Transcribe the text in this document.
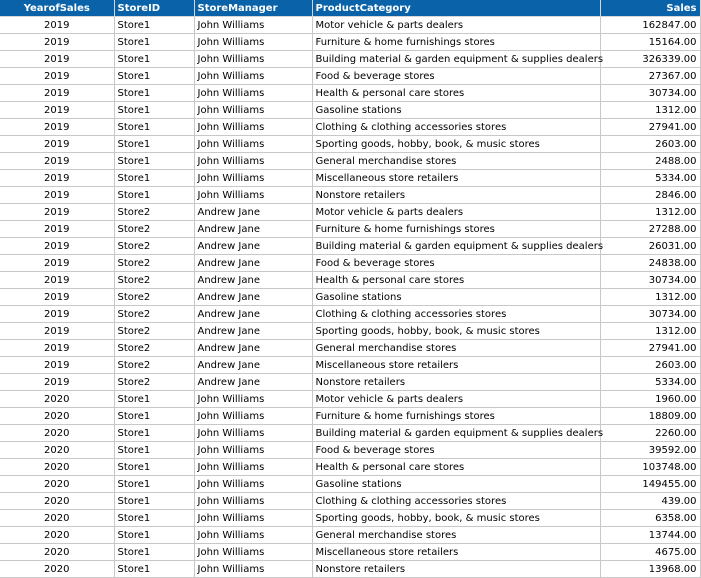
YearofSales	StoreID	StoreManager	ProductCategory	Sales
2019	Store1	John Williams	Motor vehicle & parts dealers	162847.00
2019	Store1	John Williams	Furniture & home furnishings stores	15164.00
2019	Store1	John Williams	Building material & garden equipment & supplies dealers	326339.00
2019	Store1	John Williams	Food & beverage stores	27367.00
2019	Store1	John Williams	Health & personal care stores	30734.00
2019	Store1	John Williams	Gasoline stations	1312.00
2019	Store1	John Williams	Clothing & clothing accessories stores	27941.00
2019	Store1	John Williams	Sporting goods, hobby, book, & music stores	2603.00
2019	Store1	John Williams	General merchandise stores	2488.00
2019	Store1	John Williams	Miscellaneous store retailers	5334.00
2019	Store1	John Williams	Nonstore retailers	2846.00
2019	Store2	Andrew Jane	Motor vehicle & parts dealers	1312.00
2019	Store2	Andrew Jane	Furniture & home furnishings stores	27288.00
2019	Store2	Andrew Jane	Building material & garden equipment & supplies dealers	26031.00
2019	Store2	Andrew Jane	Food & beverage stores	24838.00
2019	Store2	Andrew Jane	Health & personal care stores	30734.00
2019	Store2	Andrew Jane	Gasoline stations	1312.00
2019	Store2	Andrew Jane	Clothing & clothing accessories stores	30734.00
2019	Store2	Andrew Jane	Sporting goods, hobby, book, & music stores	1312.00
2019	Store2	Andrew Jane	General merchandise stores	27941.00
2019	Store2	Andrew Jane	Miscellaneous store retailers	2603.00
2019	Store2	Andrew Jane	Nonstore retailers	5334.00
2020	Store1	John Williams	Motor vehicle & parts dealers	1960.00
2020	Store1	John Williams	Furniture & home furnishings stores	18809.00
2020	Store1	John Williams	Building material & garden equipment & supplies dealers	2260.00
2020	Store1	John Williams	Food & beverage stores	39592.00
2020	Store1	John Williams	Health & personal care stores	103748.00
2020	Store1	John Williams	Gasoline stations	149455.00
2020	Store1	John Williams	Clothing & clothing accessories stores	439.00
2020	Store1	John Williams	Sporting goods, hobby, book, & music stores	6358.00
2020	Store1	John Williams	General merchandise stores	13744.00
2020	Store1	John Williams	Miscellaneous store retailers	4675.00
2020	Store1	John Williams	Nonstore retailers	13968.00
